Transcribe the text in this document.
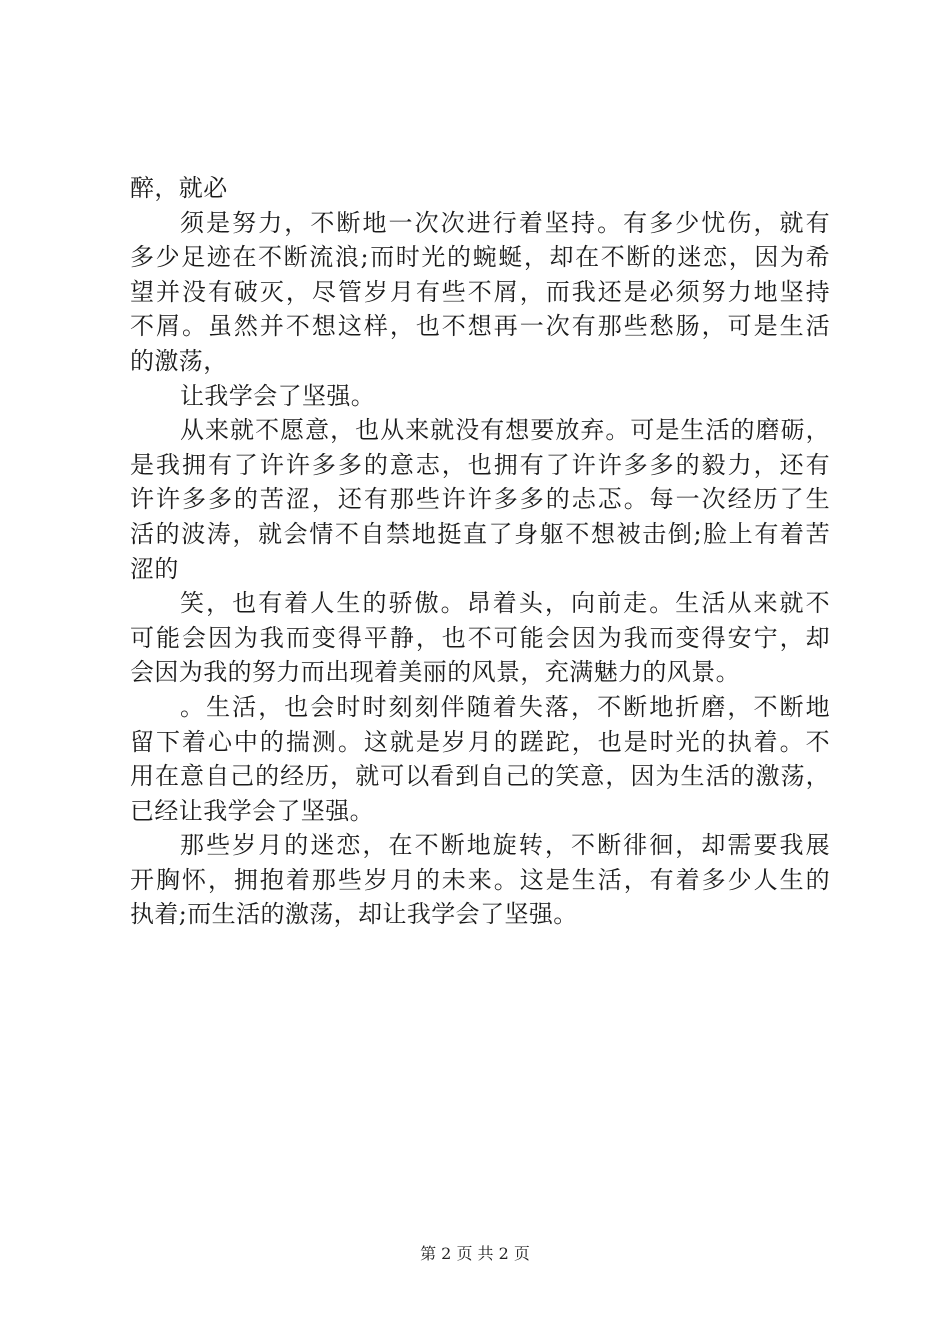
醉，就必
须是努力，不断地一次次进行着坚持。有多少忧伤，就有
多少足迹在不断流浪;而时光的蜿蜒，却在不断的迷恋，因为希
望并没有破灭，尽管岁月有些不屑，而我还是必须努力地坚持
不屑。虽然并不想这样，也不想再一次有那些愁肠，可是生活
的激荡，
让我学会了坚强。
从来就不愿意，也从来就没有想要放弃。可是生活的磨砺，
是我拥有了许许多多的意志，也拥有了许许多多的毅力，还有
许许多多的苦涩，还有那些许许多多的忐忑。每一次经历了生
活的波涛，就会情不自禁地挺直了身躯不想被击倒;脸上有着苦
涩的
笑，也有着人生的骄傲。昂着头，向前走。生活从来就不
可能会因为我而变得平静，也不可能会因为我而变得安宁，却
会因为我的努力而出现着美丽的风景，充满魅力的风景。
。生活，也会时时刻刻伴随着失落，不断地折磨，不断地
留下着心中的揣测。这就是岁月的蹉跎，也是时光的执着。不
用在意自己的经历，就可以看到自己的笑意，因为生活的激荡，
已经让我学会了坚强。
那些岁月的迷恋，在不断地旋转，不断徘徊，却需要我展
开胸怀，拥抱着那些岁月的未来。这是生活，有着多少人生的
执着;而生活的激荡，却让我学会了坚强。
第 2 页 共 2 页
